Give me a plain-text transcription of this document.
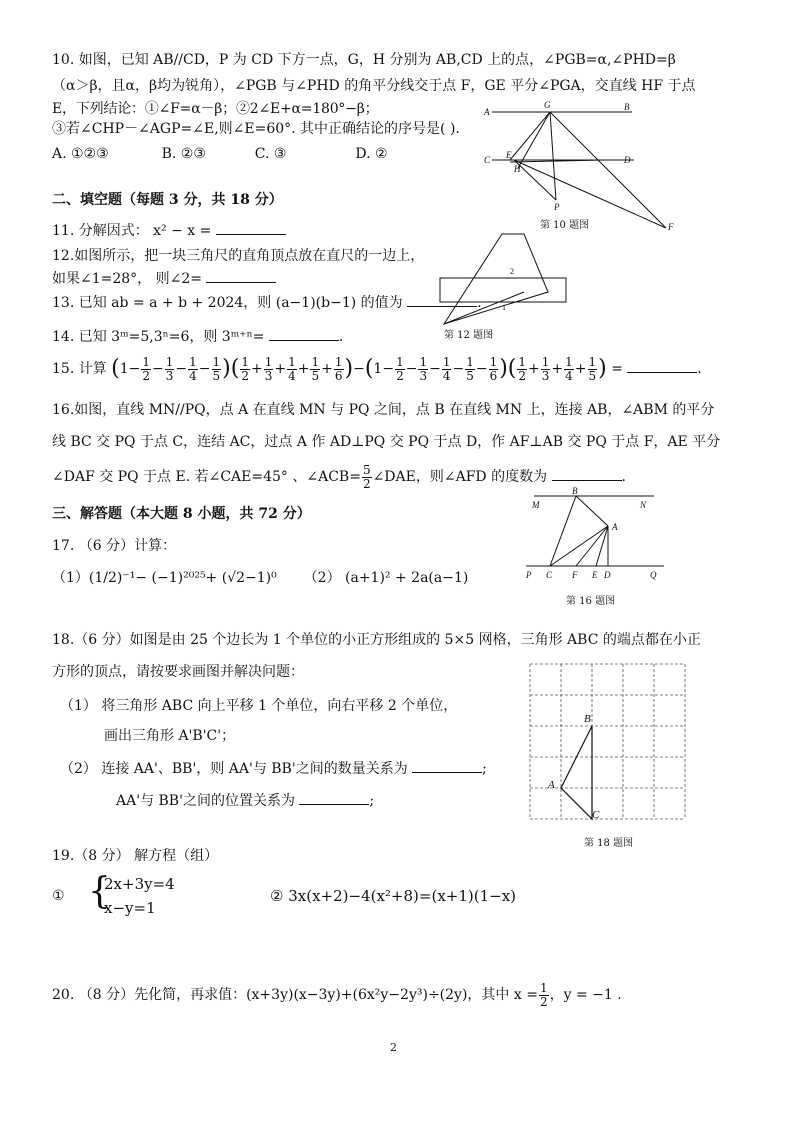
10. 如图，已知 AB//CD，P 为 CD 下方一点，G，H 分别为 AB,CD 上的点，∠PGB=α,∠PHD=β
（α＞β，且α，β均为锐角），∠PGB 与∠PHD 的角平分线交于点 F，GE 平分∠PGA，交直线 HF 于点
E，下列结论：①∠F=α－β；②2∠E+α=180°−β；
③若∠CHP－∠AGP=∠E,则∠E=60°. 其中正确结论的序号是( ).
A. ①②③	B. ②③	C. ③	D. ②
A	B
G
C	D
E
H
P
F
第 10 题图
二、填空题（每题 3 分，共 18 分）
11. 分解因式： x² − x =
12.如图所示，把一块三角尺的直角顶点放在直尺的一边上，
如果∠1=28°， 则∠2=	2
1
第 12 题图
13. 已知 ab = a + b + 2024，则 (a−1)(b−1) 的值为	.
14. 已知 3ᵐ=5,3ⁿ=6，则 3ᵐ⁺ⁿ=	.
15. 计算 ($1- \frac{1}{2} - \frac{1}{3} - \frac{1}{4} - \frac{1}{5}$ )( $\frac{1}{2} + \frac{1}{3} + \frac{1}{4} + \frac{1}{5} + \frac{1}{6} )-(1- \frac{1}{2} - \frac{1}{3} - \frac{1}{4} - \frac{1}{5} - \frac{1}{6}$ )( $\frac{1}{2} + \frac{1}{3} + \frac{1}{4} + \frac{1}{5}$ ) =	.
16.如图，直线 MN//PQ，点 A 在直线 MN 与 PQ 之间，点 B 在直线 MN 上，连接 AB，∠ABM 的平分
线 BC 交 PQ 于点 C，连结 AC，过点 A 作 AD⊥PQ 交 PQ 于点 D，作 AF⊥AB 交 PQ 于点 F，AE 平分
∠DAF 交 PQ 于点 E. 若∠CAE=45° 、∠ACB= $\frac{5}{2}$ ∠DAE，则∠AFD 的度数为	.
M
B
N
A
P C F E D	Q
第 16 题图
三、解答题（本大题 8 小题，共 72 分）
17. （6 分）计算：
（1）(1/2)⁻¹− (−1)²⁰²⁵+ (√2−1)⁰ （2） (a+1)² + 2a(a−1)
18.（6 分）如图是由 25 个边长为 1 个单位的小正方形组成的 5×5 网格，三角形 ABC 的端点都在小正
方形的顶点，请按要求画图并解决问题：
（1） 将三角形 ABC 向上平移 1 个单位，向右平移 2 个单位，
画出三角形 A'B'C'；
（2） 连接 AA'、BB'，则 AA'与 BB'之间的数量关系为	;
AA'与 BB'之间的位置关系为	;
B
A
C
第 18 题图
19.（8 分） 解方程（组）
① {
2x+3y=4
x−y=1
② 3x(x+2)−4(x²+8)=(x+1)(1−x)
20. （8 分）先化简，再求值：(x+3y)(x−3y)+(6x²y−2y³)÷(2y)，其中 $x = \frac{1}{2}$ ，y = −1 .
2
